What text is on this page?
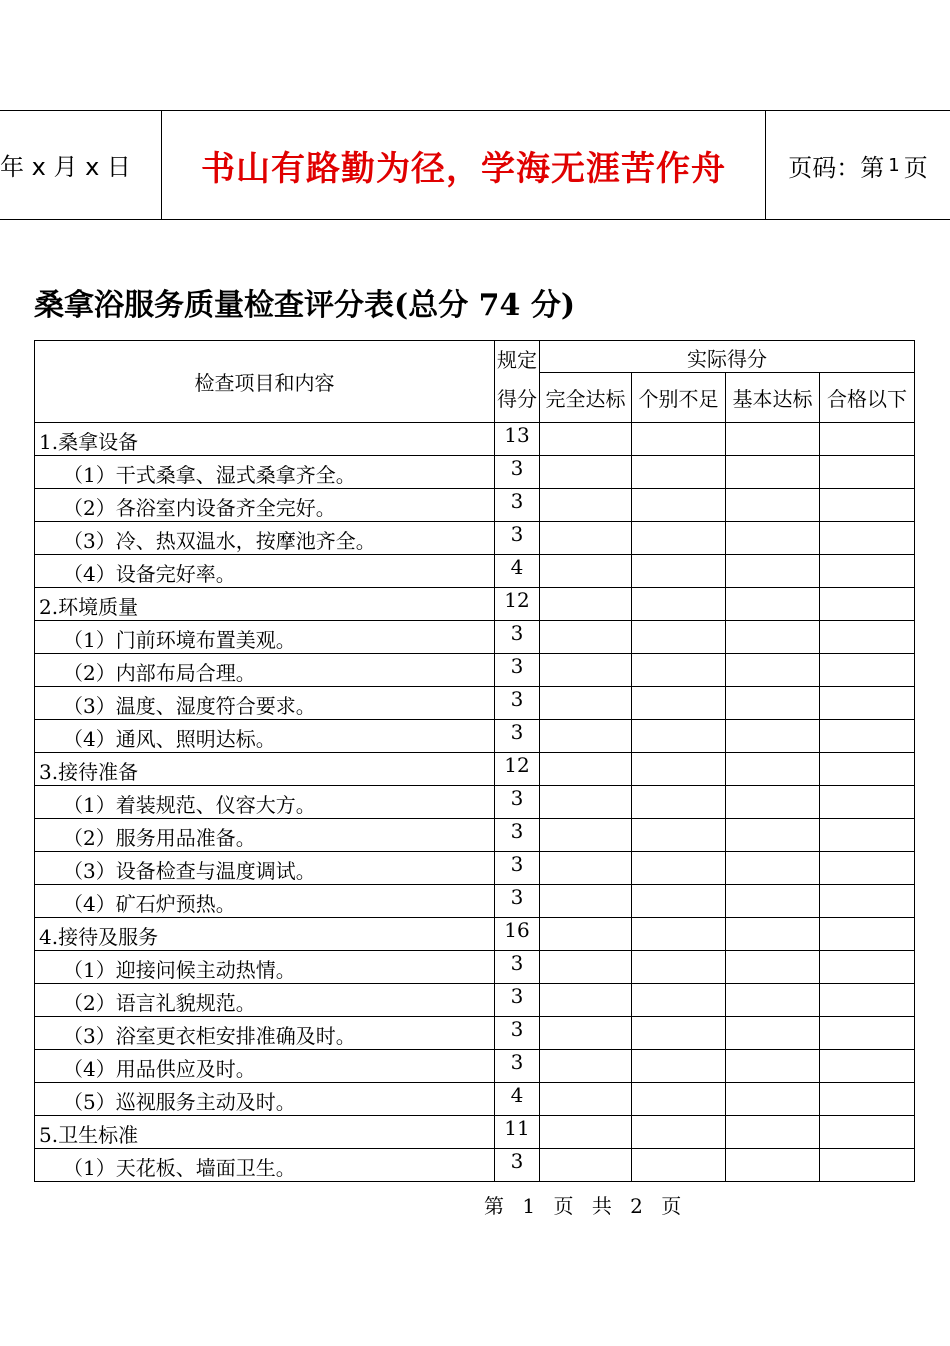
年 x 月 x 日	书山有路勤为径，学海无涯苦作舟	页码：第 1 页
桑拿浴服务质量检查评分表(总分 74 分)
检查项目和内容	规定	实际得分			
	得分	完全达标	个别不足	基本达标	合格以下
1.桑拿设备	13				
（1）干式桑拿、湿式桑拿齐全。	3				
（2）各浴室内设备齐全完好。	3				
（3）冷、热双温水，按摩池齐全。	3				
（4）设备完好率。	4				
2.环境质量	12				
（1）门前环境布置美观。	3				
（2）内部布局合理。	3				
（3）温度、湿度符合要求。	3				
（4）通风、照明达标。	3				
3.接待准备	12				
（1）着装规范、仪容大方。	3				
（2）服务用品准备。	3				
（3）设备检查与温度调试。	3				
（4）矿石炉预热。	3				
4.接待及服务	16				
（1）迎接问候主动热情。	3				
（2）语言礼貌规范。	3				
（3）浴室更衣柜安排准确及时。	3				
（4）用品供应及时。	3				
（5）巡视服务主动及时。	4				
5.卫生标准	11				
（1）天花板、墙面卫生。	3				
第 1 页 共 2 页
